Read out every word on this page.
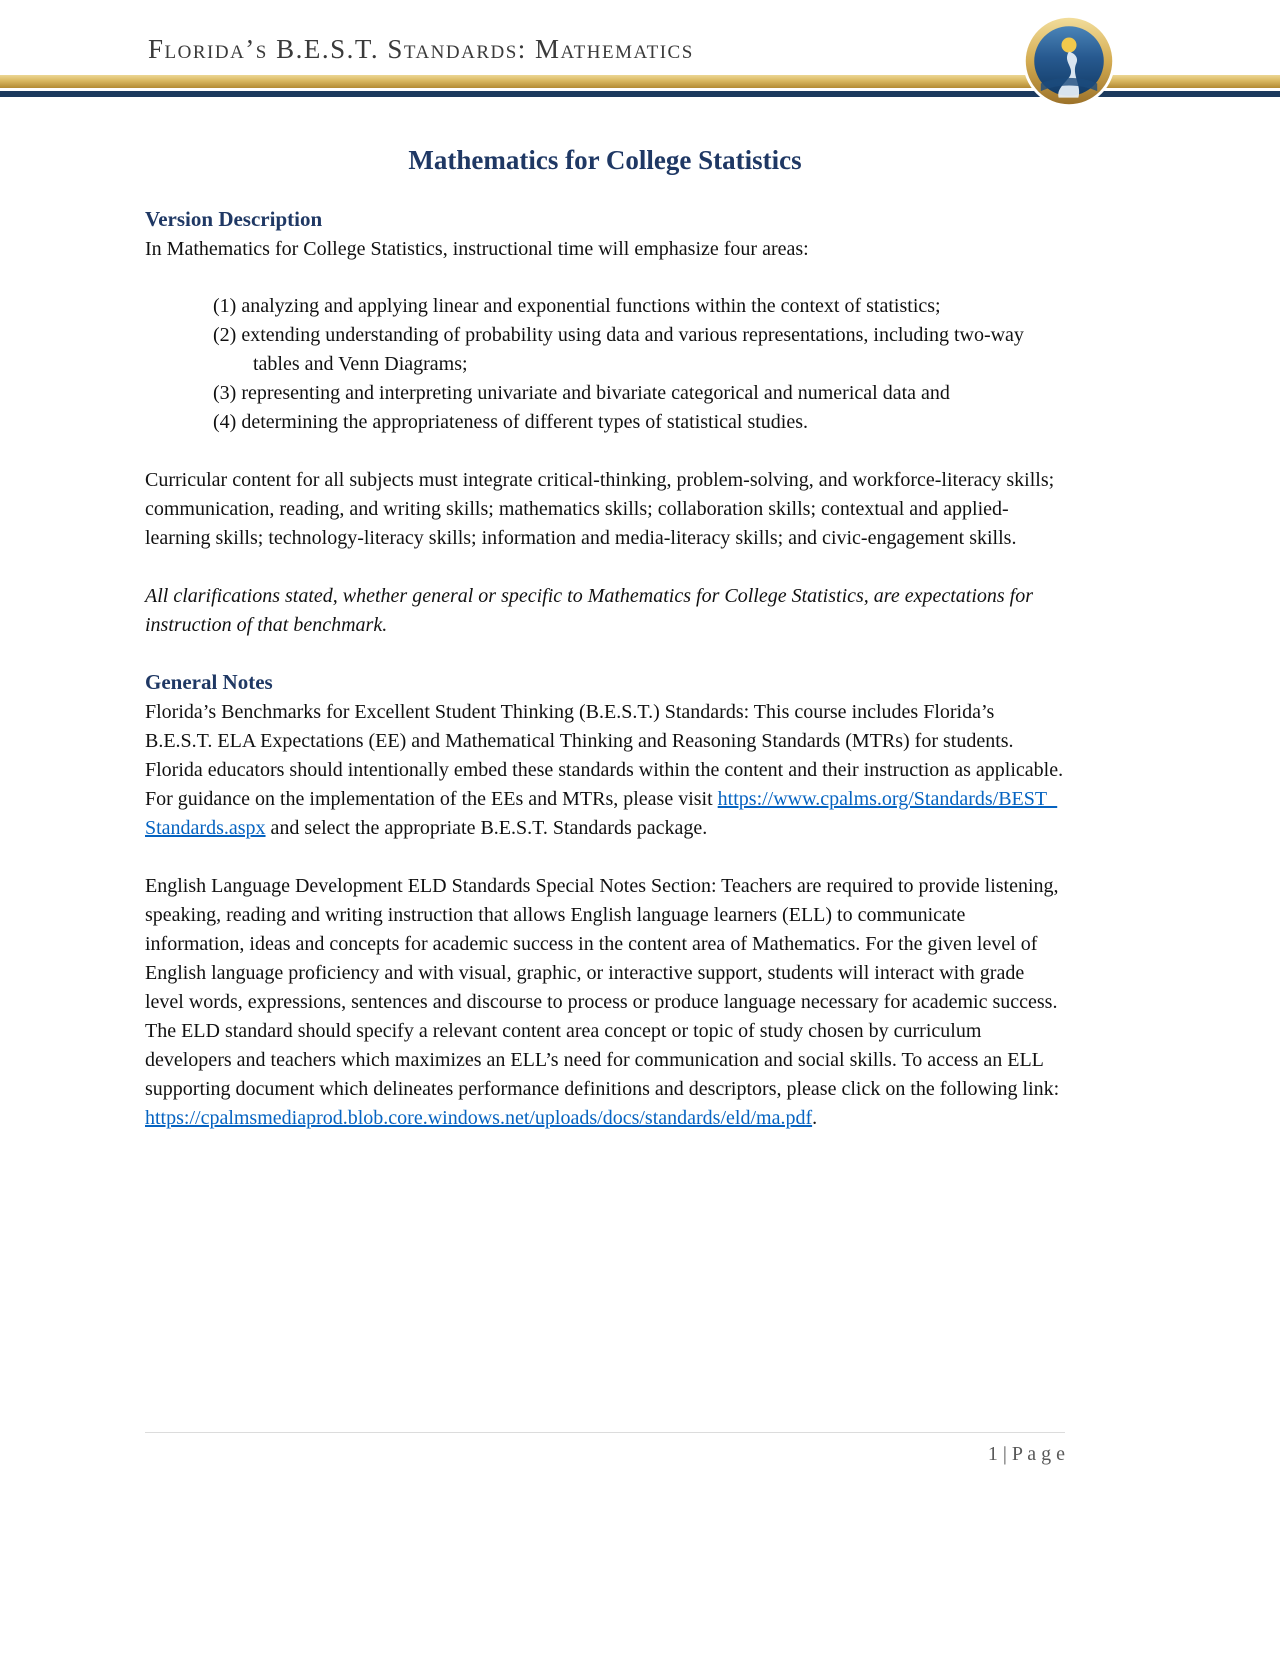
Florida’s B.E.S.T. Standards: Mathematics
Mathematics for College Statistics
Version Description

In Mathematics for College Statistics, instructional time will emphasize four areas:

(1) analyzing and applying linear and exponential functions within the context of statistics;
(2) extending understanding of probability using data and various representations, including two-way tables and Venn Diagrams;
(3) representing and interpreting univariate and bivariate categorical and numerical data and
(4) determining the appropriateness of different types of statistical studies.

Curricular content for all subjects must integrate critical-thinking, problem-solving, and workforce-literacy skills; communication, reading, and writing skills; mathematics skills; collaboration skills; contextual and applied-learning skills; technology-literacy skills; information and media-literacy skills; and civic-engagement skills.

All clarifications stated, whether general or specific to Mathematics for College Statistics, are expectations for instruction of that benchmark.

General Notes

Florida’s Benchmarks for Excellent Student Thinking (B.E.S.T.) Standards: This course includes Florida’s B.E.S.T. ELA Expectations (EE) and Mathematical Thinking and Reasoning Standards (MTRs) for students. Florida educators should intentionally embed these standards within the content and their instruction as applicable. For guidance on the implementation of the EEs and MTRs, please visit https://www.cpalms.org/Standards/BEST_Standards.aspx and select the appropriate B.E.S.T. Standards package.

English Language Development ELD Standards Special Notes Section: Teachers are required to provide listening, speaking, reading and writing instruction that allows English language learners (ELL) to communicate information, ideas and concepts for academic success in the content area of Mathematics. For the given level of English language proficiency and with visual, graphic, or interactive support, students will interact with grade level words, expressions, sentences and discourse to process or produce language necessary for academic success. The ELD standard should specify a relevant content area concept or topic of study chosen by curriculum developers and teachers which maximizes an ELL’s need for communication and social skills. To access an ELL supporting document which delineates performance definitions and descriptors, please click on the following link:
https://cpalmsmediaprod.blob.core.windows.net/uploads/docs/standards/eld/ma.pdf.

1 | P a g e
